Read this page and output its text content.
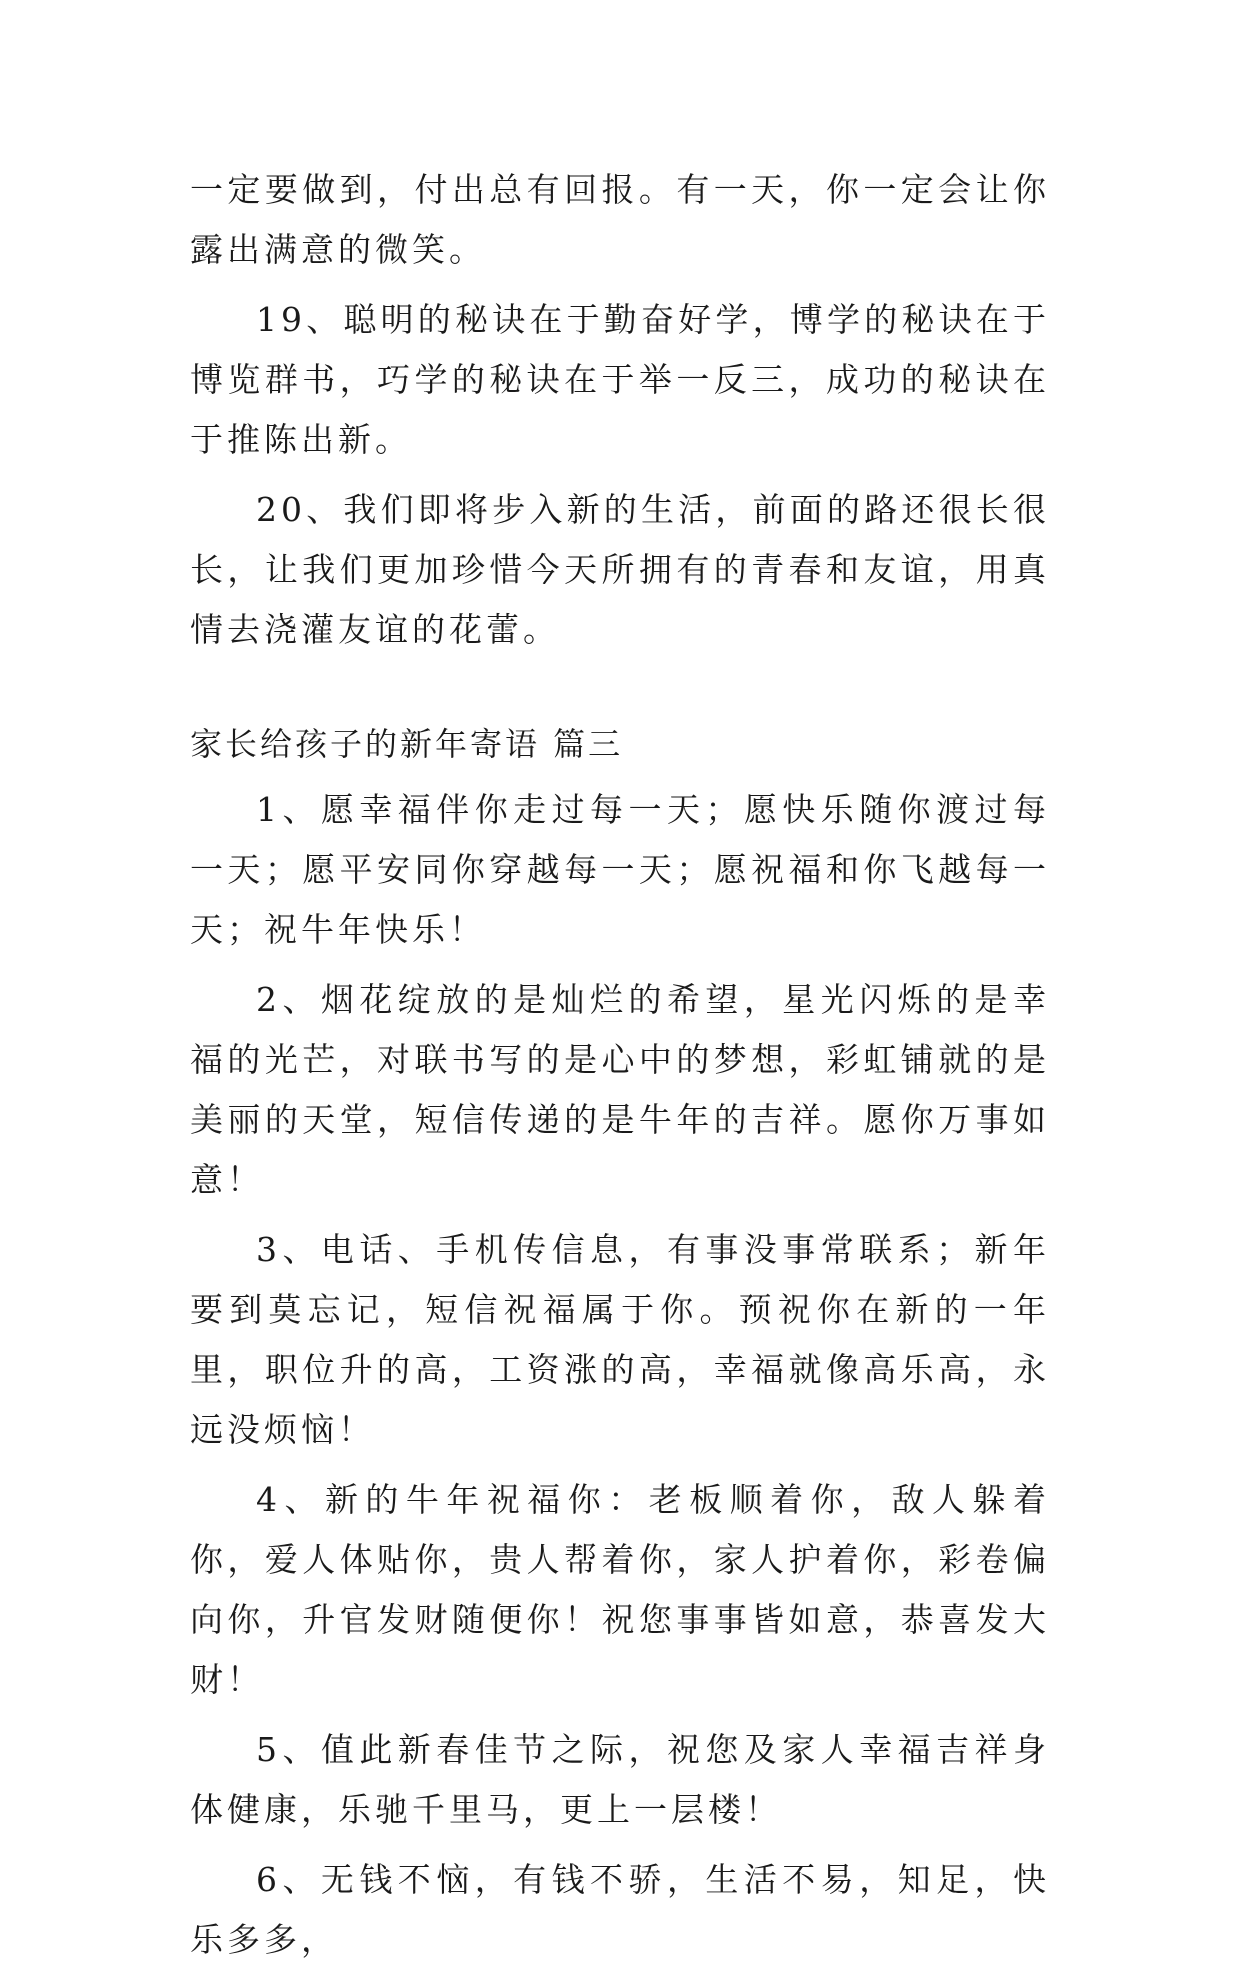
一定要做到，付出总有回报。有一天，你一定会让你露出满意的微笑。

19、聪明的秘诀在于勤奋好学，博学的秘诀在于博览群书，巧学的秘诀在于举一反三，成功的秘诀在于推陈出新。

20、我们即将步入新的生活，前面的路还很长很长，让我们更加珍惜今天所拥有的青春和友谊，用真情去浇灌友谊的花蕾。

家长给孩子的新年寄语 篇三

1、愿幸福伴你走过每一天；愿快乐随你渡过每一天；愿平安同你穿越每一天；愿祝福和你飞越每一天；祝牛年快乐！

2、烟花绽放的是灿烂的希望，星光闪烁的是幸福的光芒，对联书写的是心中的梦想，彩虹铺就的是美丽的天堂，短信传递的是牛年的吉祥。愿你万事如意！

3、电话、手机传信息，有事没事常联系；新年要到莫忘记，短信祝福属于你。预祝你在新的一年里，职位升的高，工资涨的高，幸福就像高乐高，永远没烦恼！

4、新的牛年祝福你：老板顺着你，敌人躲着你，爱人体贴你，贵人帮着你，家人护着你，彩卷偏向你，升官发财随便你！祝您事事皆如意，恭喜发大财！

5、值此新春佳节之际，祝您及家人幸福吉祥身体健康，乐驰千里马，更上一层楼！

6、无钱不恼，有钱不骄，生活不易，知足，快乐多多，
